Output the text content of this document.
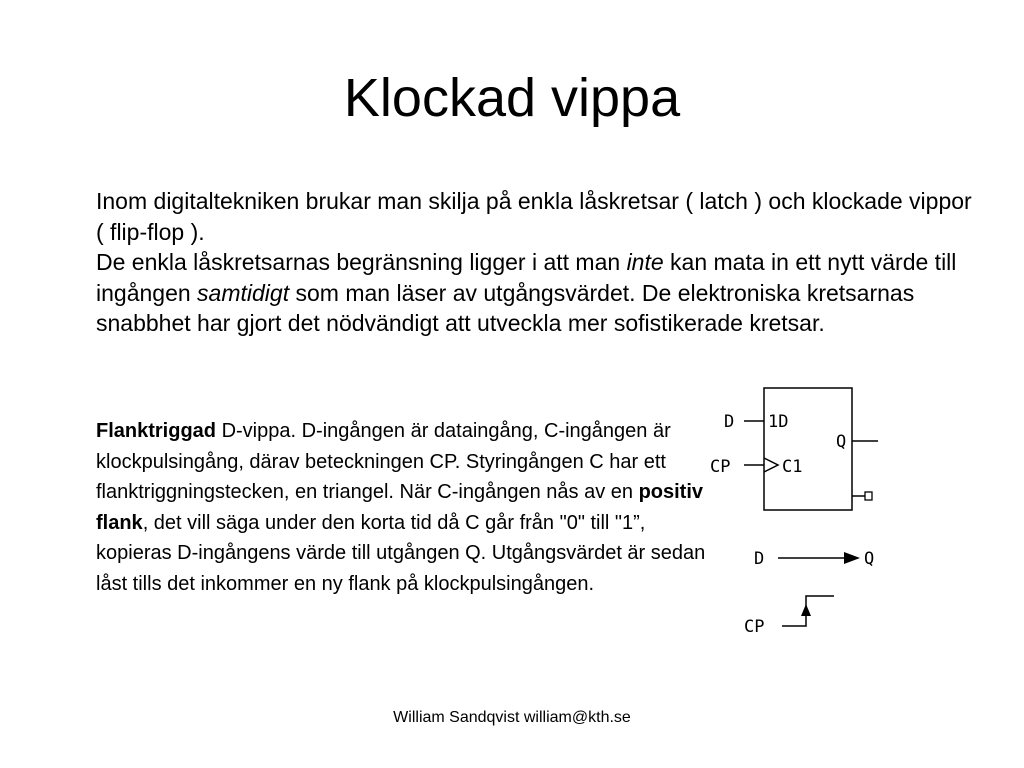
Klockad vippa

Inom digitaltekniken brukar man skilja på enkla låskretsar ( latch ) och klockade vippor ( flip-flop ).

De enkla låskretsarnas begränsning ligger i att man inte kan mata in ett nytt värde till ingången samtidigt som man läser av utgångsvärdet. De elektroniska kretsarnas snabbhet har gjort det nödvändigt att utveckla mer sofistikerade kretsar.

Flanktriggad D-vippa. D-ingången är dataingång, C-ingången är klockpulsingång, därav beteckningen CP. Styringången C har ett flanktriggningstecken, en triangel. När C-ingången nås av en positiv flank, det vill säga under den korta tid då C går från "0" till "1”, kopieras D-ingångens värde till utgången Q. Utgångsvärdet är sedan låst tills det inkommer en ny flank på klockpulsingången.

D 1D
Q
CP	C1
D	Q
CP
William Sandqvist william@kth.se
